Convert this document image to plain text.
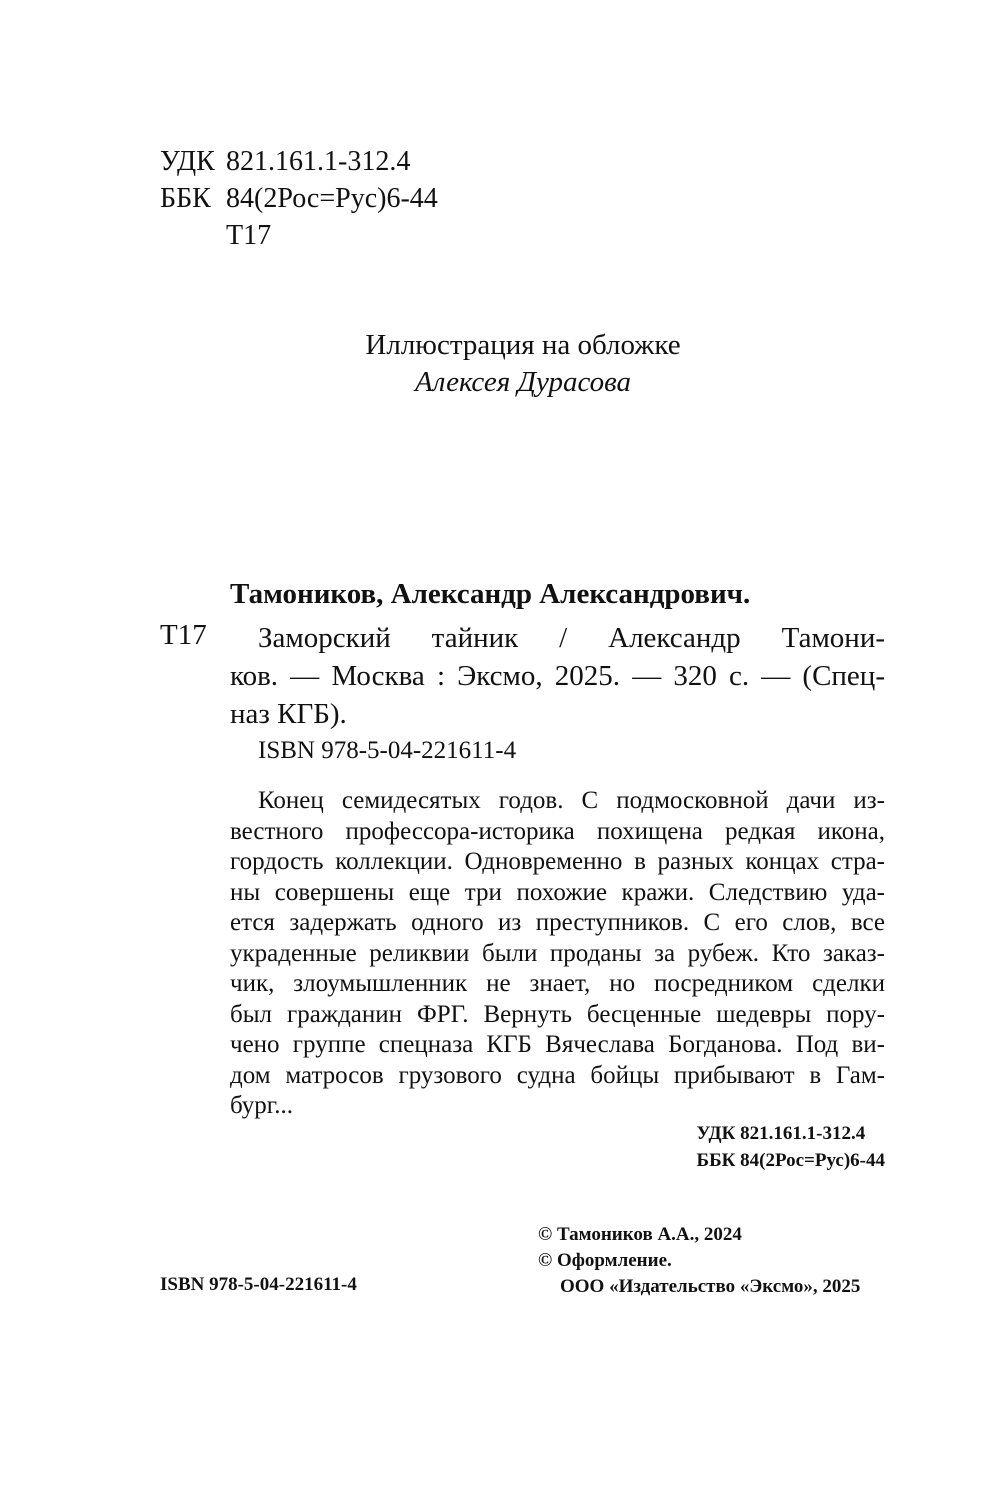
УДК 821.161.1-312.4
ББК 84(2Рос=Рус)6-44
Т17
Иллюстрация на обложке
Алексея Дурасова
Тамоников, Александр Александрович.
Т17 Заморский тайник / Александр Тамони-
ков. — Москва : Эксмо, 2025. — 320 с. — (Спец-
наз КГБ).
ISBN 978-5-04-221611-4
Конец семидесятых годов. С подмосковной дачи из-
вестного профессора-историка похищена редкая икона,
гордость коллекции. Одновременно в разных концах стра-
ны совершены еще три похожие кражи. Следствию уда-
ется задержать одного из преступников. С его слов, все
украденные реликвии были проданы за рубеж. Кто заказ-
чик, злоумышленник не знает, но посредником сделки
был гражданин ФРГ. Вернуть бесценные шедевры пору-
чено группе спецназа КГБ Вячеслава Богданова. Под ви-
дом матросов грузового судна бойцы прибывают в Гам-
бург...
УДК 821.161.1-312.4
ББК 84(2Рос=Рус)6-44
© Тамоников А.А., 2024
© Оформление.
ООО «Издательство «Эксмо», 2025
ISBN 978-5-04-221611-4
